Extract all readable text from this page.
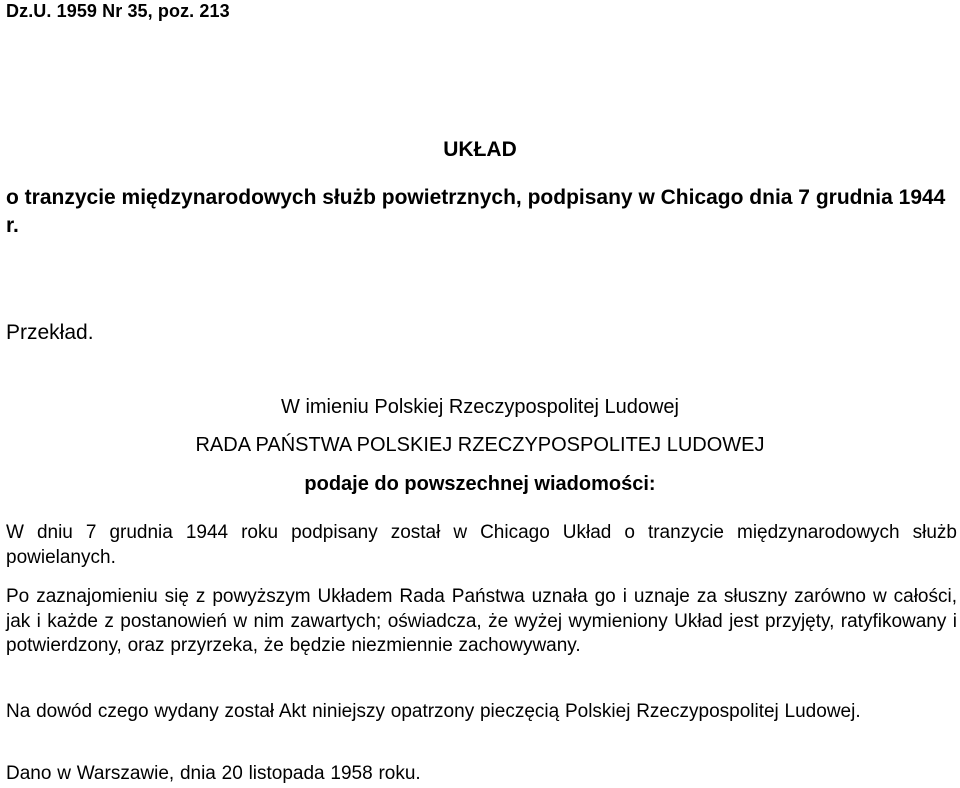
Dz.U. 1959 Nr 35, poz. 213
UKŁAD
o tranzycie międzynarodowych służb powietrznych, podpisany w Chicago dnia 7 grudnia 1944 r.
Przekład.
W imieniu Polskiej Rzeczypospolitej Ludowej
RADA PAŃSTWA POLSKIEJ RZECZYPOSPOLITEJ LUDOWEJ
podaje do powszechnej wiadomości:
W dniu 7 grudnia 1944 roku podpisany został w Chicago Układ o tranzycie międzynarodowych służb powielanych.
Po zaznajomieniu się z powyższym Układem Rada Państwa uznała go i uznaje za słuszny zarówno w całości, jak i każde z postanowień w nim zawartych; oświadcza, że wyżej wymieniony Układ jest przyjęty, ratyfikowany i potwierdzony, oraz przyrzeka, że będzie niezmiennie zachowywany.
Na dowód czego wydany został Akt niniejszy opatrzony pieczęcią Polskiej Rzeczypospolitej Ludowej.
Dano w Warszawie, dnia 20 listopada 1958 roku.
